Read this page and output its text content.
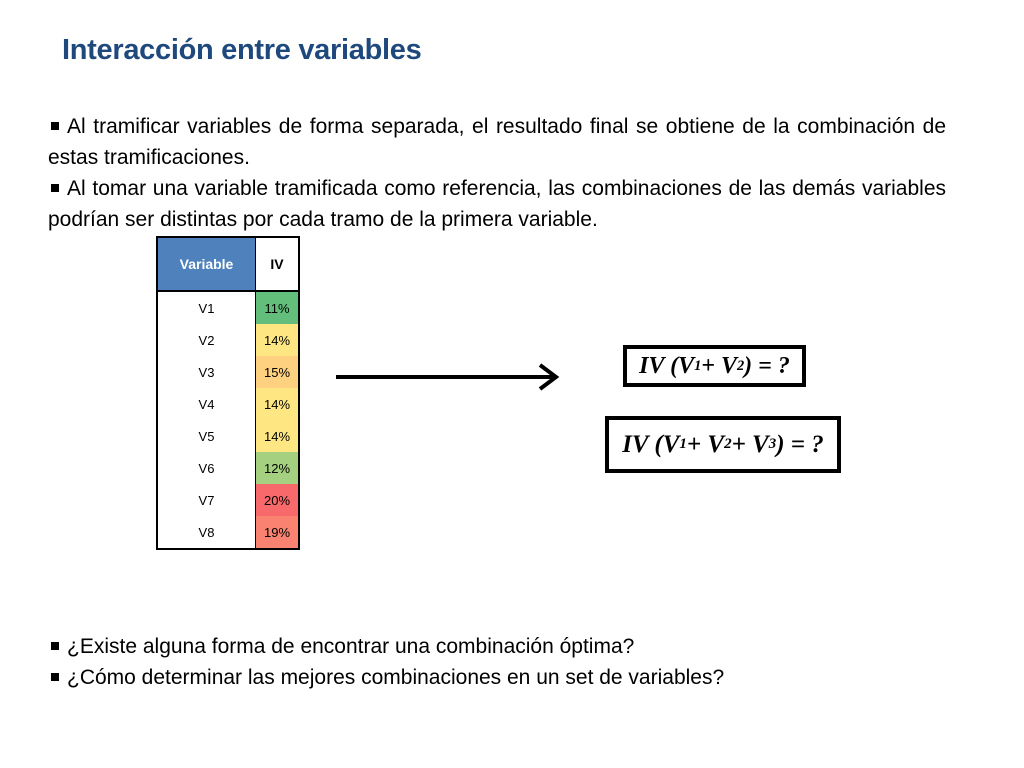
Interacción entre variables

Al tramificar variables de forma separada, el resultado final se obtiene de la combinación de estas tramificaciones.

Al tomar una variable tramificada como referencia, las combinaciones de las demás variables podrían ser distintas por cada tramo de la primera variable.

Variable	IV
V1	11%
V2	14%
V3	15%
V4	14%
V5	14%
V6	12%
V7	20%
V8	19%
IV (V 1 + V 2 ) = ?
IV (V 1 + V 2 + V 3 ) = ?

¿Existe alguna forma de encontrar una combinación óptima?

¿Cómo determinar las mejores combinaciones en un set de variables?
